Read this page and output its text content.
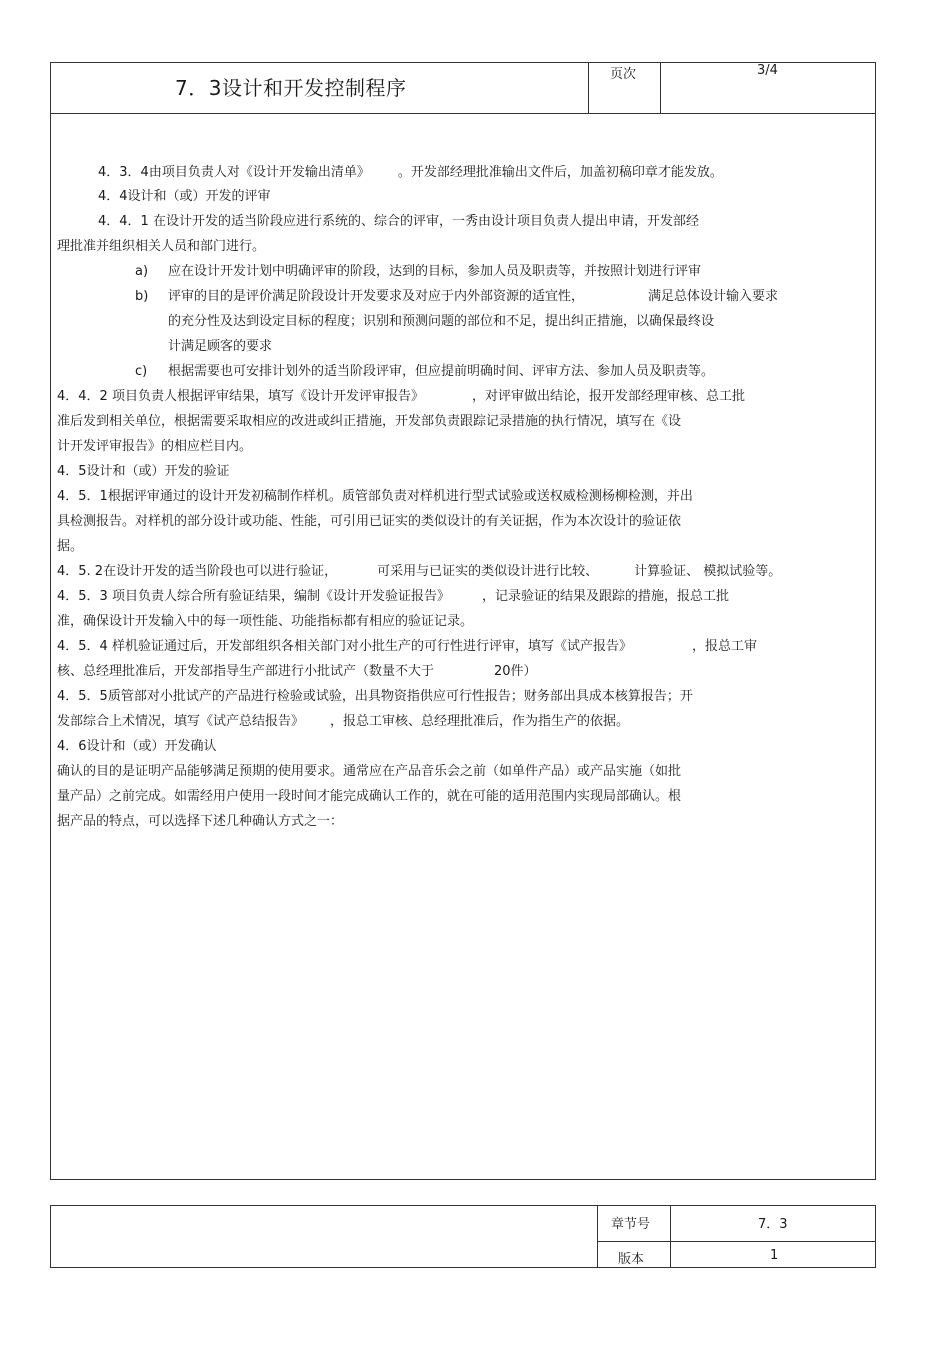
7．3设计和开发控制程序
页次	3/4
4．3．4由项目负责人对《设计开发输出清单》 。开发部经理批准输出文件后，加盖初稿印章才能发放。
4．4设计和（或）开发的评审
4．4．1 在设计开发的适当阶段应进行系统的、综合的评审，一秀由设计项目负责人提出申请，开发部经
理批准并组织相关人员和部门进行。
a) 应在设计开发计划中明确评审的阶段，达到的目标，参加人员及职责等，并按照计划进行评审
b) 评审的目的是评价满足阶段设计开发要求及对应于内外部资源的适宜性，	满足总体设计输入要求
的充分性及达到设定目标的程度；识别和预测问题的部位和不足，提出纠正措施，以确保最终设
计满足顾客的要求
c) 根据需要也可安排计划外的适当阶段评审，但应提前明确时间、评审方法、参加人员及职责等。
4．4．2 项目负责人根据评审结果，填写《设计开发评审报告》	，对评审做出结论，报开发部经理审核、总工批
准后发到相关单位，根据需要采取相应的改进或纠正措施，开发部负责跟踪记录措施的执行情况，填写在《设
计开发评审报告》的相应栏目内。
4．5设计和（或）开发的验证
4．5．1根据评审通过的设计开发初稿制作样机。质管部负责对样机进行型式试验或送权威检测杨柳检测，并出
具检测报告。对样机的部分设计或功能、性能，可引用已证实的类似设计的有关证据，作为本次设计的验证依
据。
4．5. 2在设计开发的适当阶段也可以进行验证，	可采用与已证实的类似设计进行比较、	计算验证、 模拟试验等。
4．5．3 项目负责人综合所有验证结果，编制《设计开发验证报告》 ，记录验证的结果及跟踪的措施，报总工批
准，确保设计开发输入中的每一项性能、功能指标都有相应的验证记录。
4．5．4 样机验证通过后，开发部组织各相关部门对小批生产的可行性进行评审，填写《试产报告》	，报总工审
核、总经理批准后，开发部指导生产部进行小批试产（数量不大于	20件）
4．5．5质管部对小批试产的产品进行检验或试验，出具物资指供应可行性报告；财务部出具成本核算报告；开
发部综合上术情况，填写《试产总结报告》 ，报总工审核、总经理批准后，作为指生产的依据。
4．6设计和（或）开发确认
确认的目的是证明产品能够满足预期的使用要求。通常应在产品音乐会之前（如单件产品）或产品实施（如批
量产品）之前完成。如需经用户使用一段时间才能完成确认工作的，就在可能的适用范围内实现局部确认。根
据产品的特点，可以选择下述几种确认方式之一：
章节号	7．3
版本	1
